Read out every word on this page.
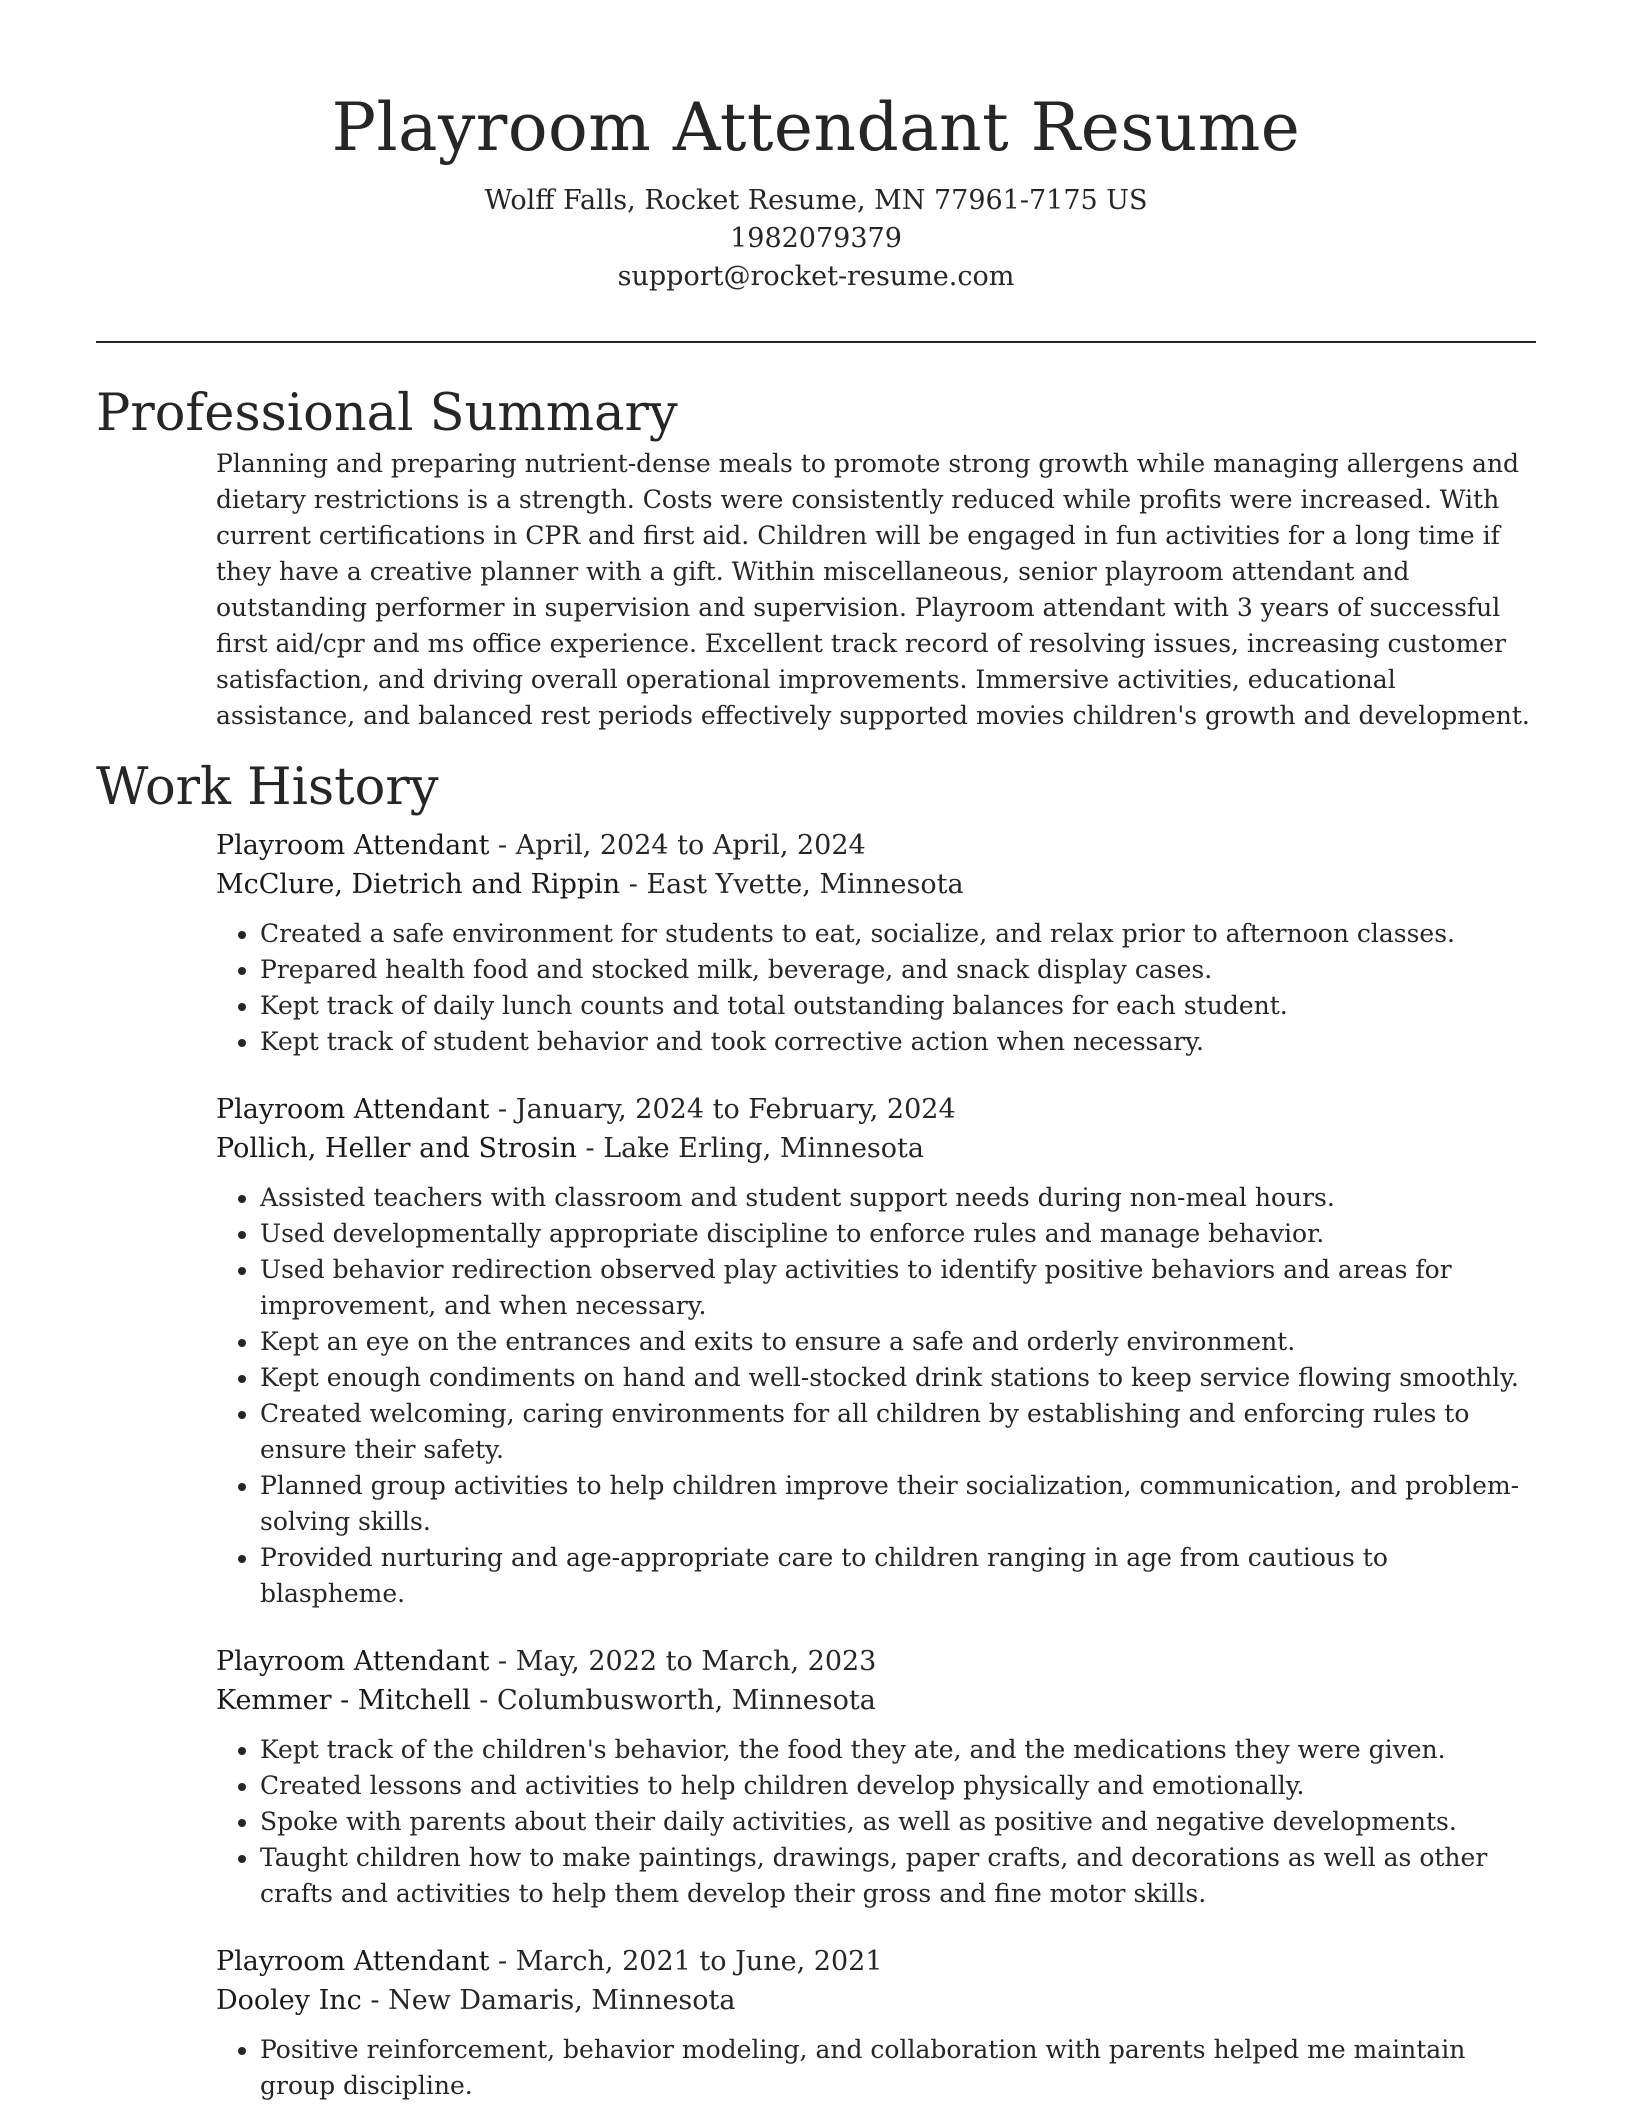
Playroom Attendant Resume
Wolff Falls, Rocket Resume, MN 77961-7175 US
1982079379
support@rocket-resume.com
Professional Summary

Planning and preparing nutrient-dense meals to promote strong growth while managing allergens and dietary restrictions is a strength. Costs were consistently reduced while profits were increased. With current certifications in CPR and first aid. Children will be engaged in fun activities for a long time if they have a creative planner with a gift. Within miscellaneous, senior playroom attendant and outstanding performer in supervision and supervision. Playroom attendant with 3 years of successful first aid/cpr and ms office experience. Excellent track record of resolving issues, increasing customer satisfaction, and driving overall operational improvements. Immersive activities, educational assistance, and balanced rest periods effectively supported movies children's growth and development.

Work History
Playroom Attendant - April, 2024 to April, 2024
McClure, Dietrich and Rippin - East Yvette, Minnesota
• Created a safe environment for students to eat, socialize, and relax prior to afternoon classes.
• Prepared health food and stocked milk, beverage, and snack display cases.
• Kept track of daily lunch counts and total outstanding balances for each student.
• Kept track of student behavior and took corrective action when necessary.
Playroom Attendant - January, 2024 to February, 2024
Pollich, Heller and Strosin - Lake Erling, Minnesota
• Assisted teachers with classroom and student support needs during non-meal hours.
• Used developmentally appropriate discipline to enforce rules and manage behavior.
• Used behavior redirection observed play activities to identify positive behaviors and areas for improvement, and when necessary.
• Kept an eye on the entrances and exits to ensure a safe and orderly environment.
• Kept enough condiments on hand and well-stocked drink stations to keep service flowing smoothly.
• Created welcoming, caring environments for all children by establishing and enforcing rules to ensure their safety.
• Planned group activities to help children improve their socialization, communication, and problem-solving skills.
• Provided nurturing and age-appropriate care to children ranging in age from cautious to blaspheme.
Playroom Attendant - May, 2022 to March, 2023
Kemmer - Mitchell - Columbusworth, Minnesota
• Kept track of the children's behavior, the food they ate, and the medications they were given.
• Created lessons and activities to help children develop physically and emotionally.
• Spoke with parents about their daily activities, as well as positive and negative developments.
• Taught children how to make paintings, drawings, paper crafts, and decorations as well as other crafts and activities to help them develop their gross and fine motor skills.
Playroom Attendant - March, 2021 to June, 2021
Dooley Inc - New Damaris, Minnesota
• Positive reinforcement, behavior modeling, and collaboration with parents helped me maintain group discipline.
